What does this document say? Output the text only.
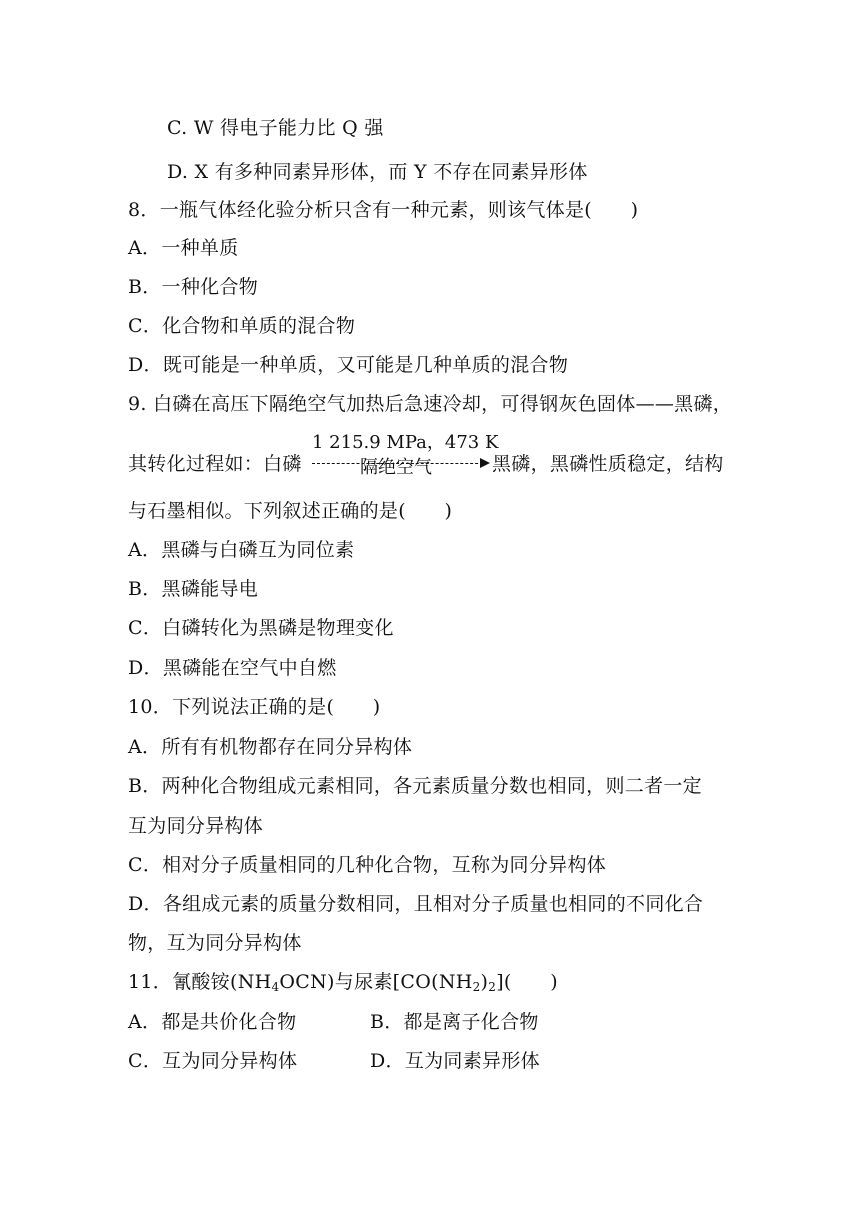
C. W 得电子能力比 Q 强
D. X 有多种同素异形体，而 Y 不存在同素异形体
8．一瓶气体经化验分析只含有一种元素，则该气体是(　　)
A．一种单质
B．一种化合物
C．化合物和单质的混合物
D．既可能是一种单质，又可能是几种单质的混合物
9. 白磷在高压下隔绝空气加热后急速冷却，可得钢灰色固体——黑磷，
1 215.9 MPa，473 K
隔绝空气
其转化过程如：白磷	黑磷，黑磷性质稳定，结构
与石墨相似。下列叙述正确的是(　　)
A．黑磷与白磷互为同位素
B．黑磷能导电
C．白磷转化为黑磷是物理变化
D．黑磷能在空气中自燃
10．下列说法正确的是(　　)
A．所有有机物都存在同分异构体
B．两种化合物组成元素相同，各元素质量分数也相同，则二者一定
互为同分异构体
C．相对分子质量相同的几种化合物，互称为同分异构体
D．各组成元素的质量分数相同，且相对分子质量也相同的不同化合
物，互为同分异构体
11．氰酸铵$(NH_4OCN)$与尿素$[CO(NH_2)_2]$(　　)
A．都是共价化合物	B．都是离子化合物
C．互为同分异构体	D．互为同素异形体
